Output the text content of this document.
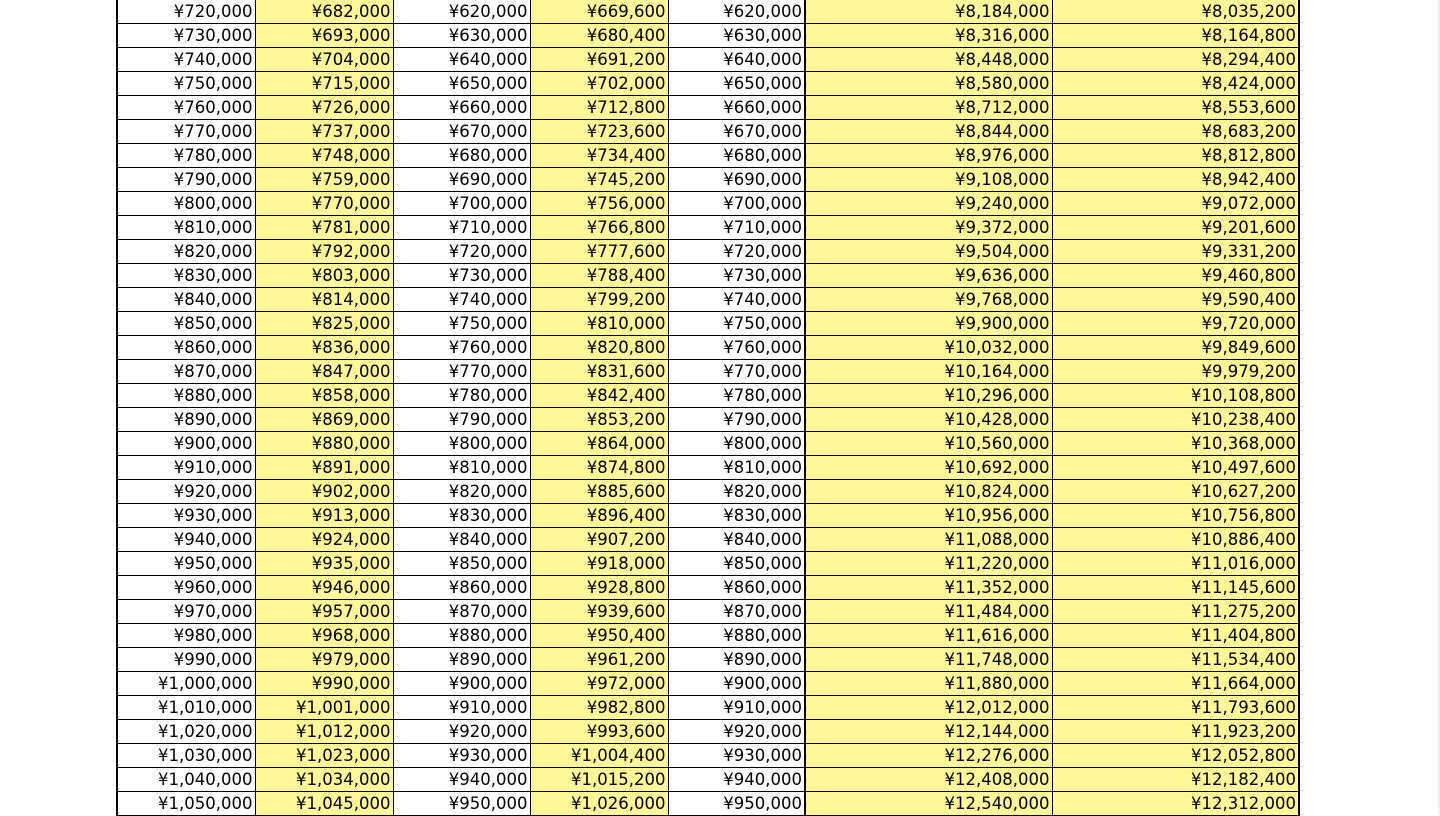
¥720,000	¥682,000	¥620,000	¥669,600	¥620,000	¥8,184,000	¥8,035,200
¥730,000	¥693,000	¥630,000	¥680,400	¥630,000	¥8,316,000	¥8,164,800
¥740,000	¥704,000	¥640,000	¥691,200	¥640,000	¥8,448,000	¥8,294,400
¥750,000	¥715,000	¥650,000	¥702,000	¥650,000	¥8,580,000	¥8,424,000
¥760,000	¥726,000	¥660,000	¥712,800	¥660,000	¥8,712,000	¥8,553,600
¥770,000	¥737,000	¥670,000	¥723,600	¥670,000	¥8,844,000	¥8,683,200
¥780,000	¥748,000	¥680,000	¥734,400	¥680,000	¥8,976,000	¥8,812,800
¥790,000	¥759,000	¥690,000	¥745,200	¥690,000	¥9,108,000	¥8,942,400
¥800,000	¥770,000	¥700,000	¥756,000	¥700,000	¥9,240,000	¥9,072,000
¥810,000	¥781,000	¥710,000	¥766,800	¥710,000	¥9,372,000	¥9,201,600
¥820,000	¥792,000	¥720,000	¥777,600	¥720,000	¥9,504,000	¥9,331,200
¥830,000	¥803,000	¥730,000	¥788,400	¥730,000	¥9,636,000	¥9,460,800
¥840,000	¥814,000	¥740,000	¥799,200	¥740,000	¥9,768,000	¥9,590,400
¥850,000	¥825,000	¥750,000	¥810,000	¥750,000	¥9,900,000	¥9,720,000
¥860,000	¥836,000	¥760,000	¥820,800	¥760,000	¥10,032,000	¥9,849,600
¥870,000	¥847,000	¥770,000	¥831,600	¥770,000	¥10,164,000	¥9,979,200
¥880,000	¥858,000	¥780,000	¥842,400	¥780,000	¥10,296,000	¥10,108,800
¥890,000	¥869,000	¥790,000	¥853,200	¥790,000	¥10,428,000	¥10,238,400
¥900,000	¥880,000	¥800,000	¥864,000	¥800,000	¥10,560,000	¥10,368,000
¥910,000	¥891,000	¥810,000	¥874,800	¥810,000	¥10,692,000	¥10,497,600
¥920,000	¥902,000	¥820,000	¥885,600	¥820,000	¥10,824,000	¥10,627,200
¥930,000	¥913,000	¥830,000	¥896,400	¥830,000	¥10,956,000	¥10,756,800
¥940,000	¥924,000	¥840,000	¥907,200	¥840,000	¥11,088,000	¥10,886,400
¥950,000	¥935,000	¥850,000	¥918,000	¥850,000	¥11,220,000	¥11,016,000
¥960,000	¥946,000	¥860,000	¥928,800	¥860,000	¥11,352,000	¥11,145,600
¥970,000	¥957,000	¥870,000	¥939,600	¥870,000	¥11,484,000	¥11,275,200
¥980,000	¥968,000	¥880,000	¥950,400	¥880,000	¥11,616,000	¥11,404,800
¥990,000	¥979,000	¥890,000	¥961,200	¥890,000	¥11,748,000	¥11,534,400
¥1,000,000	¥990,000	¥900,000	¥972,000	¥900,000	¥11,880,000	¥11,664,000
¥1,010,000	¥1,001,000	¥910,000	¥982,800	¥910,000	¥12,012,000	¥11,793,600
¥1,020,000	¥1,012,000	¥920,000	¥993,600	¥920,000	¥12,144,000	¥11,923,200
¥1,030,000	¥1,023,000	¥930,000	¥1,004,400	¥930,000	¥12,276,000	¥12,052,800
¥1,040,000	¥1,034,000	¥940,000	¥1,015,200	¥940,000	¥12,408,000	¥12,182,400
¥1,050,000	¥1,045,000	¥950,000	¥1,026,000	¥950,000	¥12,540,000	¥12,312,000
